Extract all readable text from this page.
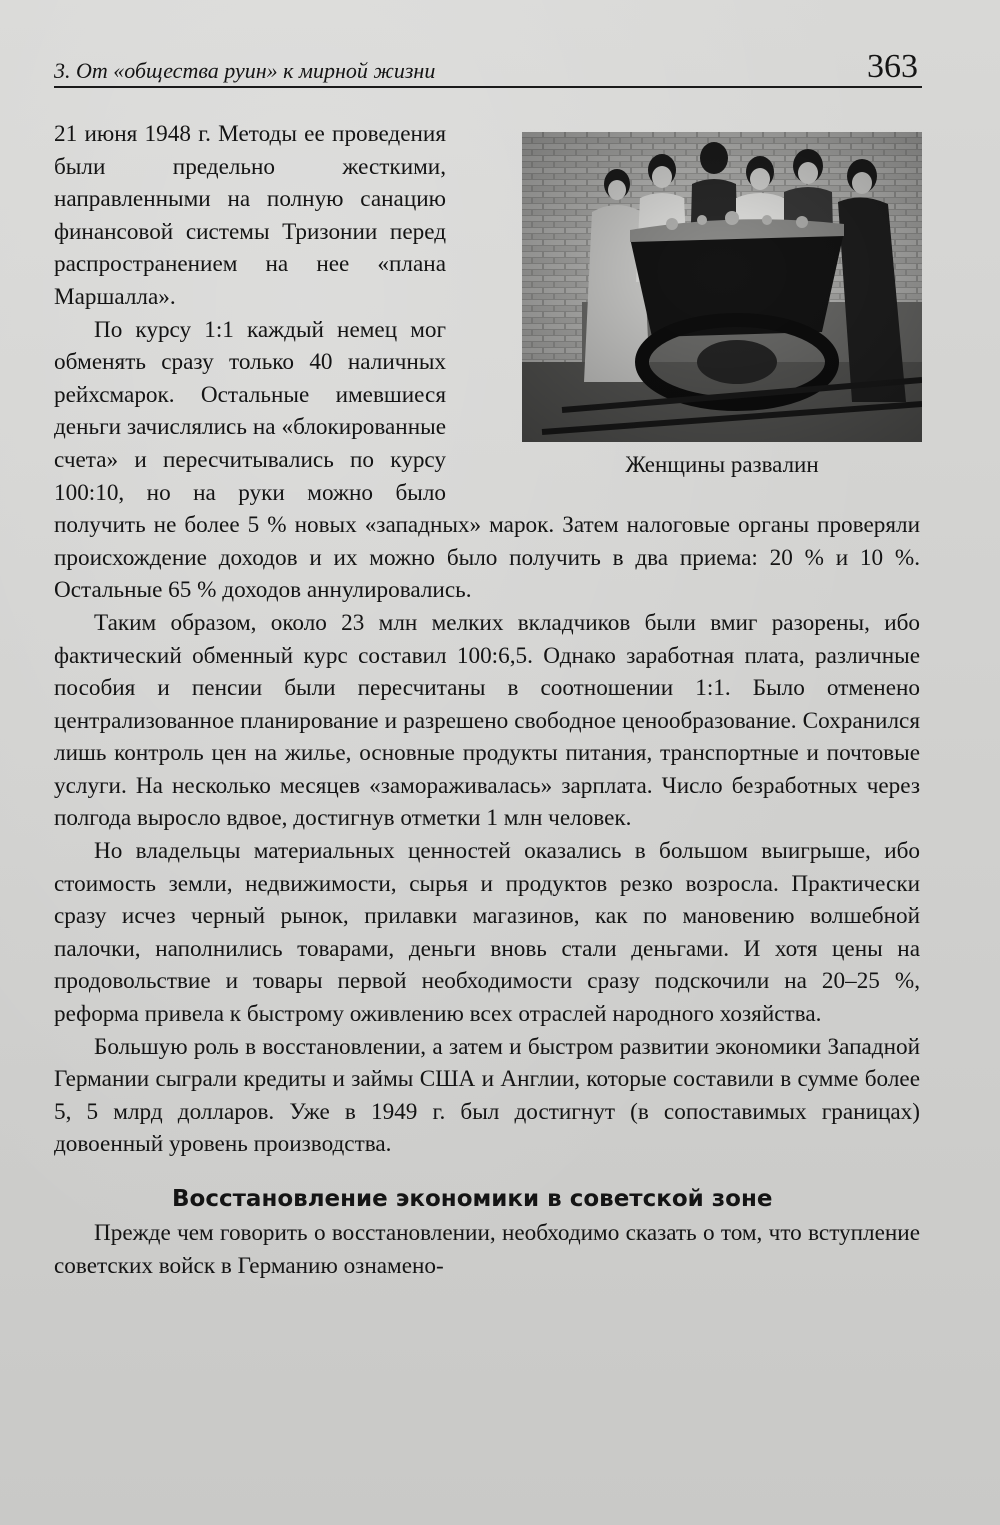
3. От «общества руин» к мирной жизни	363
Женщины развалин

21 июня 1948 г. Методы ее проведения были предельно жесткими, направленными на полную санацию финансовой системы Тризонии перед распространением на нее «плана Маршалла».

По курсу 1:1 каждый немец мог обменять сразу только 40 наличных рейхсмарок. Остальные имевшиеся деньги зачислялись на «блокированные счета» и пересчитывались по курсу 100:10, но на руки можно было получить не более 5 % новых «западных» марок. Затем налоговые органы проверяли происхождение доходов и их можно было получить в два приема: 20 % и 10 %. Остальные 65 % доходов аннулировались.

Таким образом, около 23 млн мелких вкладчиков были вмиг разорены, ибо фактический обменный курс составил 100:6,5. Однако заработная плата, различные пособия и пенсии были пересчитаны в соотношении 1:1. Было отменено централизованное планирование и разрешено свободное ценообразование. Сохранился лишь контроль цен на жилье, основные продукты питания, транспортные и почтовые услуги. На несколько месяцев «замораживалась» зарплата. Число безработных через полгода выросло вдвое, достигнув отметки 1 млн человек.

Но владельцы материальных ценностей оказались в большом выигрыше, ибо стоимость земли, недвижимости, сырья и продуктов резко возросла. Практически сразу исчез черный рынок, прилавки магазинов, как по мановению волшебной палочки, наполнились товарами, деньги вновь стали деньгами. И хотя цены на продовольствие и товары первой необходимости сразу подскочили на 20–25 %, реформа привела к быстрому оживлению всех отраслей народного хозяйства.

Большую роль в восстановлении, а затем и быстром развитии экономики Западной Германии сыграли кредиты и займы США и Англии, которые составили в сумме более 5, 5 млрд долларов. Уже в 1949 г. был достигнут (в сопоставимых границах) довоенный уровень производства.

Восстановление экономики в советской зоне

Прежде чем говорить о восстановлении, необходимо сказать о том, что вступление советских войск в Германию ознамено-
